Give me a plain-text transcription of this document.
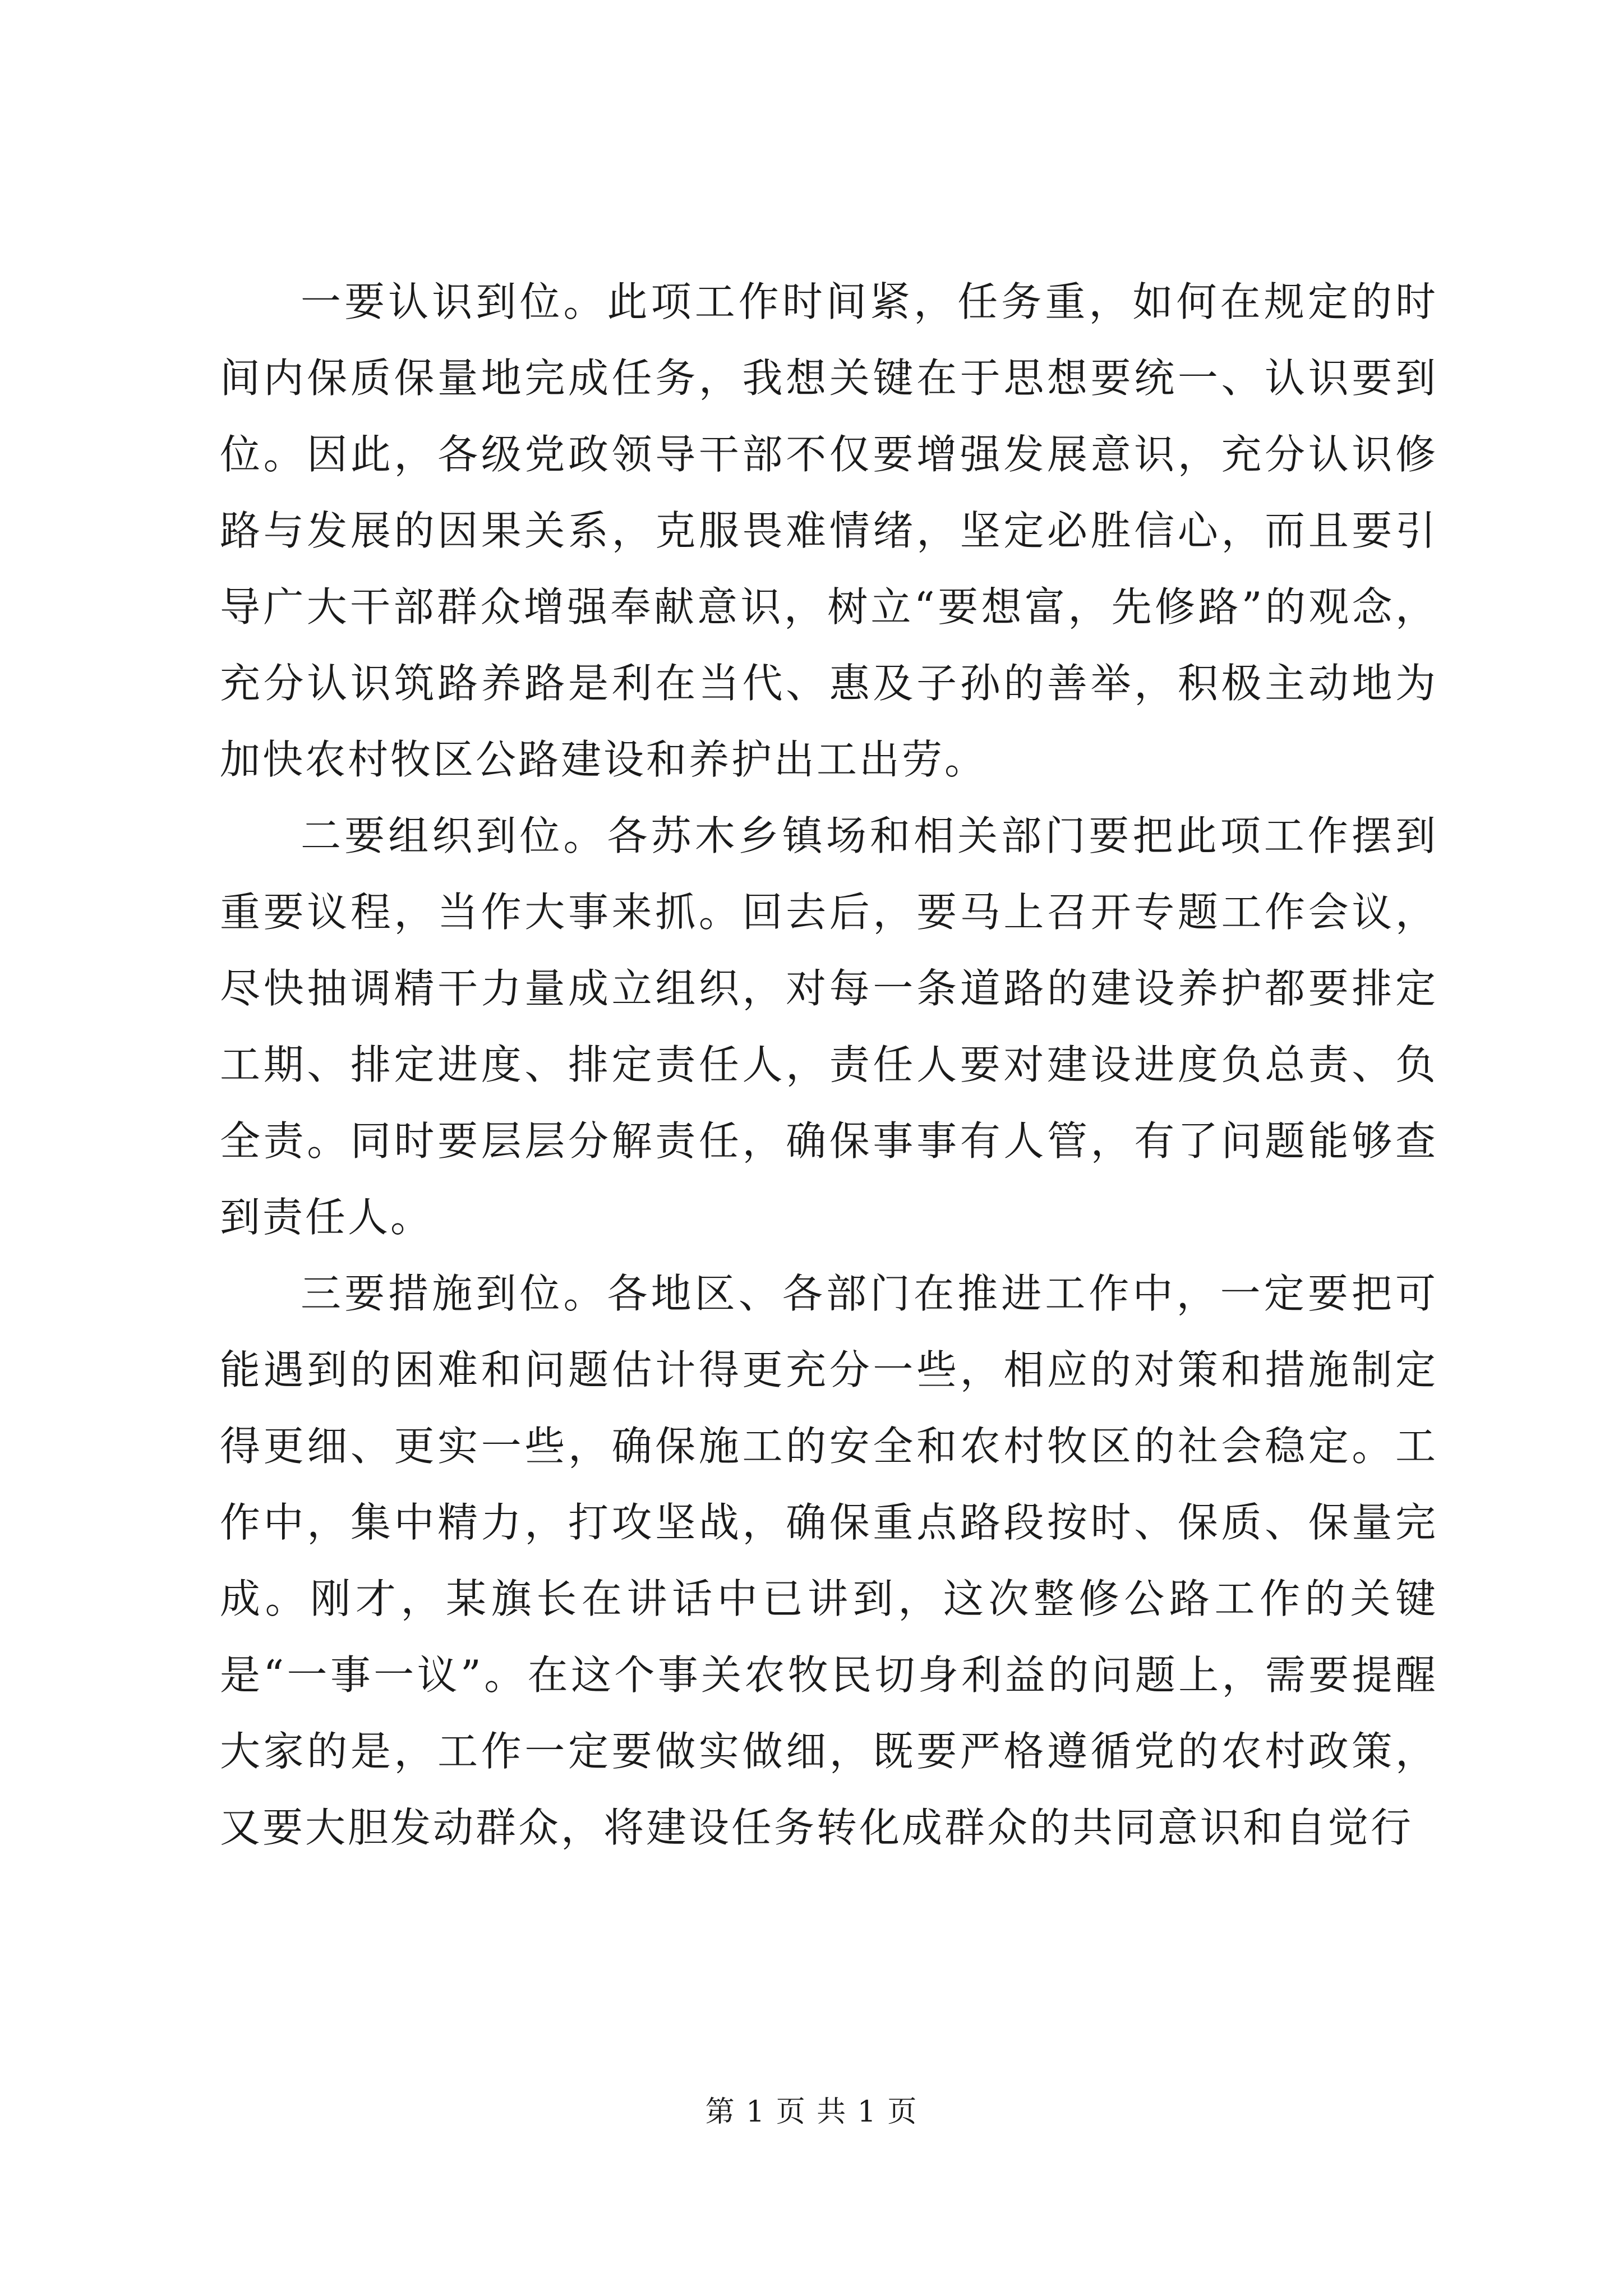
一要认识到位。此项工作时间紧，任务重，如何在规定的时间内保质保量地完成任务，我想关键在于思想要统一、认识要到位。因此，各级党政领导干部不仅要增强发展意识，充分认识修路与发展的因果关系，克服畏难情绪，坚定必胜信心，而且要引导广大干部群众增强奉献意识，树立“要想富，先修路”的观念，充分认识筑路养路是利在当代、惠及子孙的善举，积极主动地为加快农村牧区公路建设和养护出工出劳。

二要组织到位。各苏木乡镇场和相关部门要把此项工作摆到重要议程，当作大事来抓。回去后，要马上召开专题工作会议，尽快抽调精干力量成立组织，对每一条道路的建设养护都要排定工期、排定进度、排定责任人，责任人要对建设进度负总责、负全责。同时要层层分解责任，确保事事有人管，有了问题能够查到责任人。

三要措施到位。各地区、各部门在推进工作中，一定要把可能遇到的困难和问题估计得更充分一些，相应的对策和措施制定得更细、更实一些，确保施工的安全和农村牧区的社会稳定。工作中，集中精力，打攻坚战，确保重点路段按时、保质、保量完成。刚才，某旗长在讲话中已讲到，这次整修公路工作的关键是“一事一议”。在这个事关农牧民切身利益的问题上，需要提醒大家的是，工作一定要做实做细，既要严格遵循党的农村政策，又要大胆发动群众，将建设任务转化成群众的共同意识和自觉行

第 1 页 共 1 页
